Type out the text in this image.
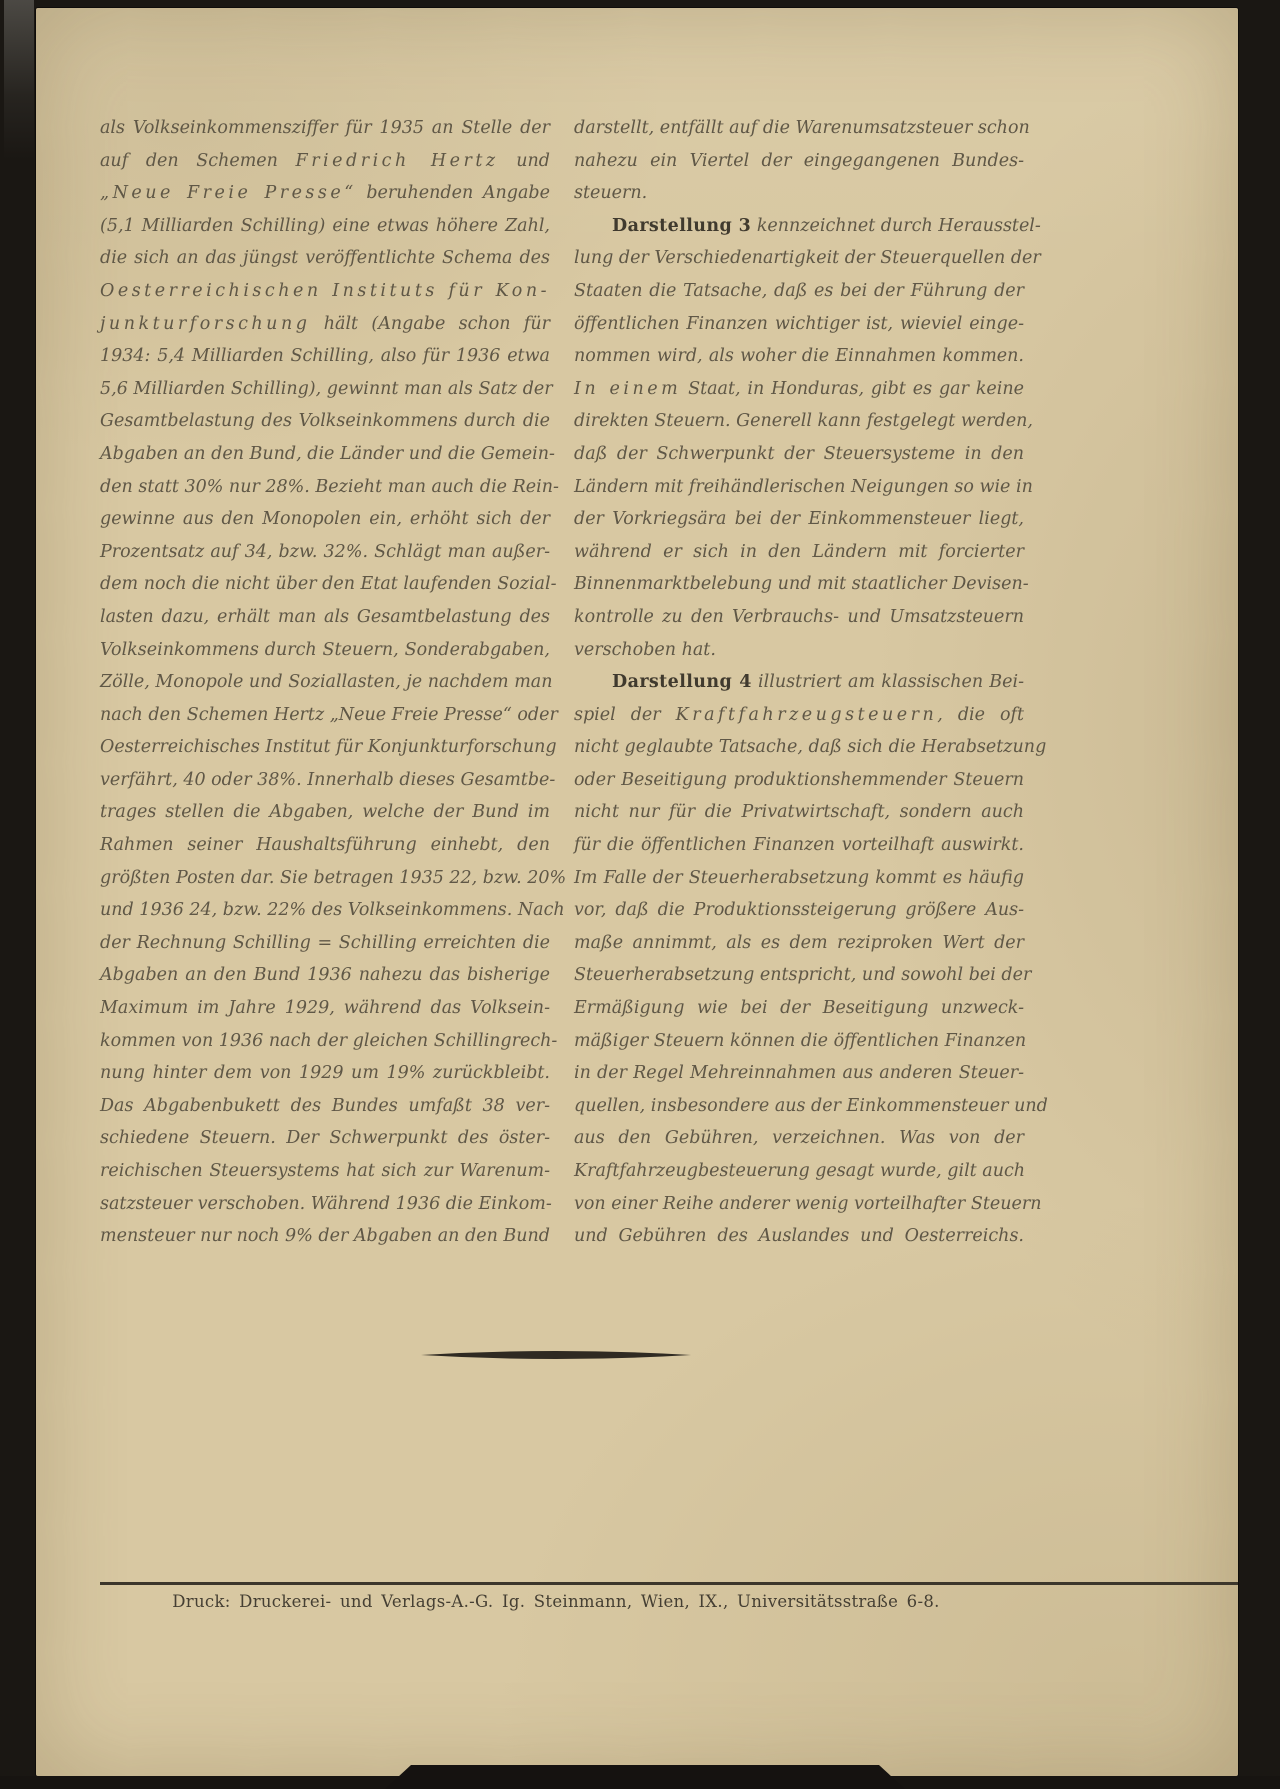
als Volkseinkommensziffer für 1935 an Stelle der
auf den Schemen Friedrich Hertz und
„Neue Freie Presse“ beruhenden Angabe
(5,1 Milliarden Schilling) eine etwas höhere Zahl,
die sich an das jüngst veröffentlichte Schema des
Oesterreichischen Instituts für Kon-
junkturforschung hält (Angabe schon für
1934: 5,4 Milliarden Schilling, also für 1936 etwa
5,6 Milliarden Schilling), gewinnt man als Satz der
Gesamtbelastung des Volkseinkommens durch die
Abgaben an den Bund, die Länder und die Gemein-
den statt 30% nur 28%. Bezieht man auch die Rein-
gewinne aus den Monopolen ein, erhöht sich der
Prozentsatz auf 34, bzw. 32%. Schlägt man außer-
dem noch die nicht über den Etat laufenden Sozial-
lasten dazu, erhält man als Gesamtbelastung des
Volkseinkommens durch Steuern, Sonderabgaben,
Zölle, Monopole und Soziallasten, je nachdem man
nach den Schemen Hertz „Neue Freie Presse“ oder
Oesterreichisches Institut für Konjunkturforschung
verfährt, 40 oder 38%. Innerhalb dieses Gesamtbe-
trages stellen die Abgaben, welche der Bund im
Rahmen seiner Haushaltsführung einhebt, den
größten Posten dar. Sie betragen 1935 22, bzw. 20%
und 1936 24, bzw. 22% des Volkseinkommens. Nach
der Rechnung Schilling = Schilling erreichten die
Abgaben an den Bund 1936 nahezu das bisherige
Maximum im Jahre 1929, während das Volksein-
kommen von 1936 nach der gleichen Schillingrech-
nung hinter dem von 1929 um 19% zurückbleibt.
Das Abgabenbukett des Bundes umfaßt 38 ver-
schiedene Steuern. Der Schwerpunkt des öster-
reichischen Steuersystems hat sich zur Warenum-
satzsteuer verschoben. Während 1936 die Einkom-
mensteuer nur noch 9% der Abgaben an den Bund
darstellt, entfällt auf die Warenumsatzsteuer schon
nahezu ein Viertel der eingegangenen Bundes-
steuern.
Darstellung 3 kennzeichnet durch Herausstel-
lung der Verschiedenartigkeit der Steuerquellen der
Staaten die Tatsache, daß es bei der Führung der
öffentlichen Finanzen wichtiger ist, wieviel einge-
nommen wird, als woher die Einnahmen kommen.
In einem Staat, in Honduras, gibt es gar keine
direkten Steuern. Generell kann festgelegt werden,
daß der Schwerpunkt der Steuersysteme in den
Ländern mit freihändlerischen Neigungen so wie in
der Vorkriegsära bei der Einkommensteuer liegt,
während er sich in den Ländern mit forcierter
Binnenmarktbelebung und mit staatlicher Devisen-
kontrolle zu den Verbrauchs- und Umsatzsteuern
verschoben hat.
Darstellung 4 illustriert am klassischen Bei-
spiel der Kraftfahrzeugsteuern, die oft
nicht geglaubte Tatsache, daß sich die Herabsetzung
oder Beseitigung produktionshemmender Steuern
nicht nur für die Privatwirtschaft, sondern auch
für die öffentlichen Finanzen vorteilhaft auswirkt.
Im Falle der Steuerherabsetzung kommt es häufig
vor, daß die Produktionssteigerung größere Aus-
maße annimmt, als es dem reziproken Wert der
Steuerherabsetzung entspricht, und sowohl bei der
Ermäßigung wie bei der Beseitigung unzweck-
mäßiger Steuern können die öffentlichen Finanzen
in der Regel Mehreinnahmen aus anderen Steuer-
quellen, insbesondere aus der Einkommensteuer und
aus den Gebühren, verzeichnen. Was von der
Kraftfahrzeugbesteuerung gesagt wurde, gilt auch
von einer Reihe anderer wenig vorteilhafter Steuern
und Gebühren des Auslandes und Oesterreichs.
Druck: Druckerei- und Verlags-A.-G. Ig. Steinmann, Wien, IX., Universitätsstraße 6-8.
